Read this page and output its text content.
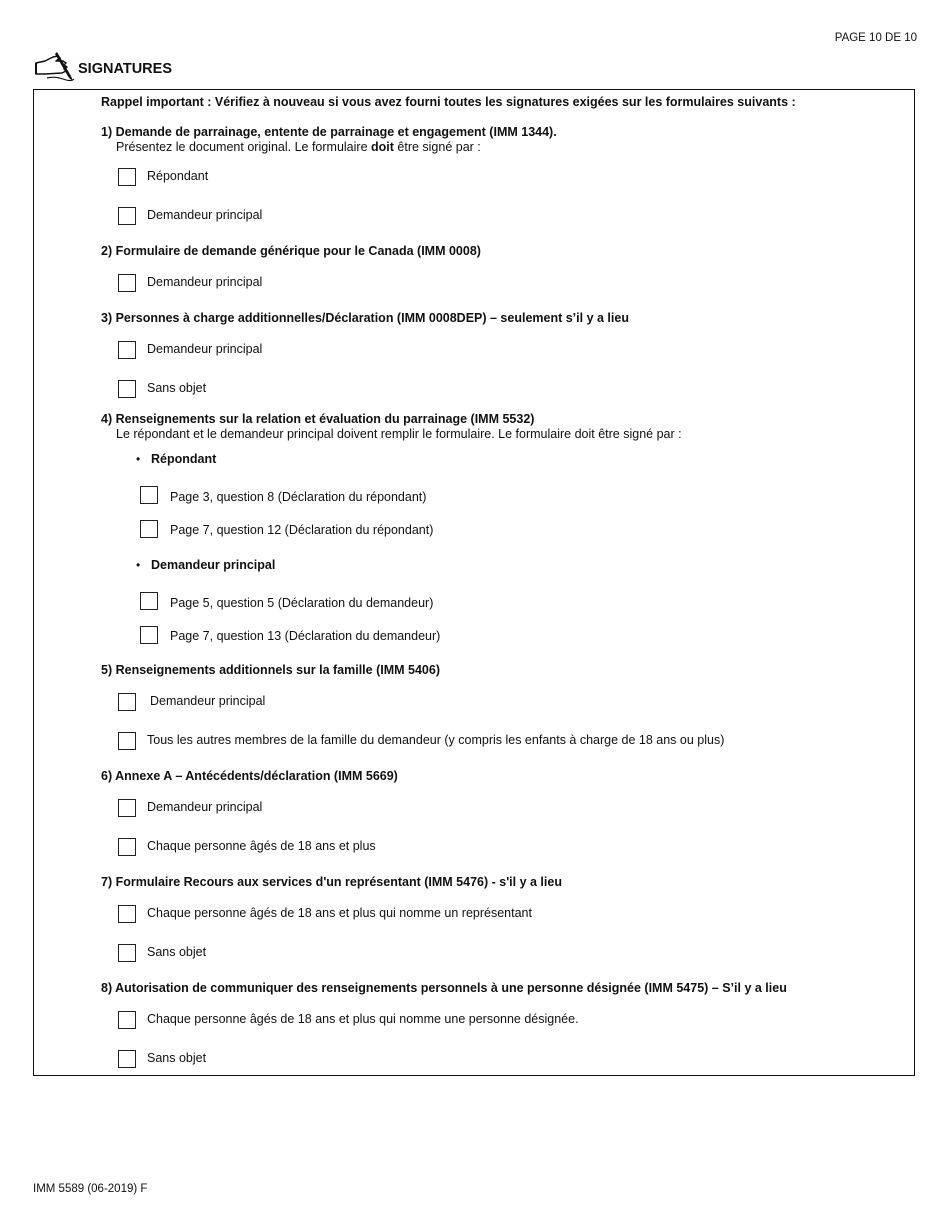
PAGE 10 DE 10
SIGNATURES
Rappel important : Vérifiez à nouveau si vous avez fourni toutes les signatures exigées sur les formulaires suivants :
1) Demande de parrainage, entente de parrainage et engagement (IMM 1344).
Présentez le document original. Le formulaire doit être signé par :
Répondant
Demandeur principal
2) Formulaire de demande générique pour le Canada (IMM 0008)
Demandeur principal
3) Personnes à charge additionnelles/Déclaration (IMM 0008DEP) – seulement s’il y a lieu
Demandeur principal
Sans objet
4) Renseignements sur la relation et évaluation du parrainage (IMM 5532)
Le répondant et le demandeur principal doivent remplir le formulaire. Le formulaire doit être signé par :
• Répondant
Page 3, question 8 (Déclaration du répondant)
Page 7, question 12 (Déclaration du répondant)
• Demandeur principal
Page 5, question 5 (Déclaration du demandeur)
Page 7, question 13 (Déclaration du demandeur)
5) Renseignements additionnels sur la famille (IMM 5406)
Demandeur principal
Tous les autres membres de la famille du demandeur (y compris les enfants à charge de 18 ans ou plus)
6) Annexe A – Antécédents/déclaration (IMM 5669)
Demandeur principal
Chaque personne âgés de 18 ans et plus
7) Formulaire Recours aux services d'un représentant (IMM 5476) - s'il y a lieu
Chaque personne âgés de 18 ans et plus qui nomme un représentant
Sans objet
8) Autorisation de communiquer des renseignements personnels à une personne désignée (IMM 5475) – S’il y a lieu
Chaque personne âgés de 18 ans et plus qui nomme une personne désignée.
Sans objet
IMM 5589 (06-2019) F
